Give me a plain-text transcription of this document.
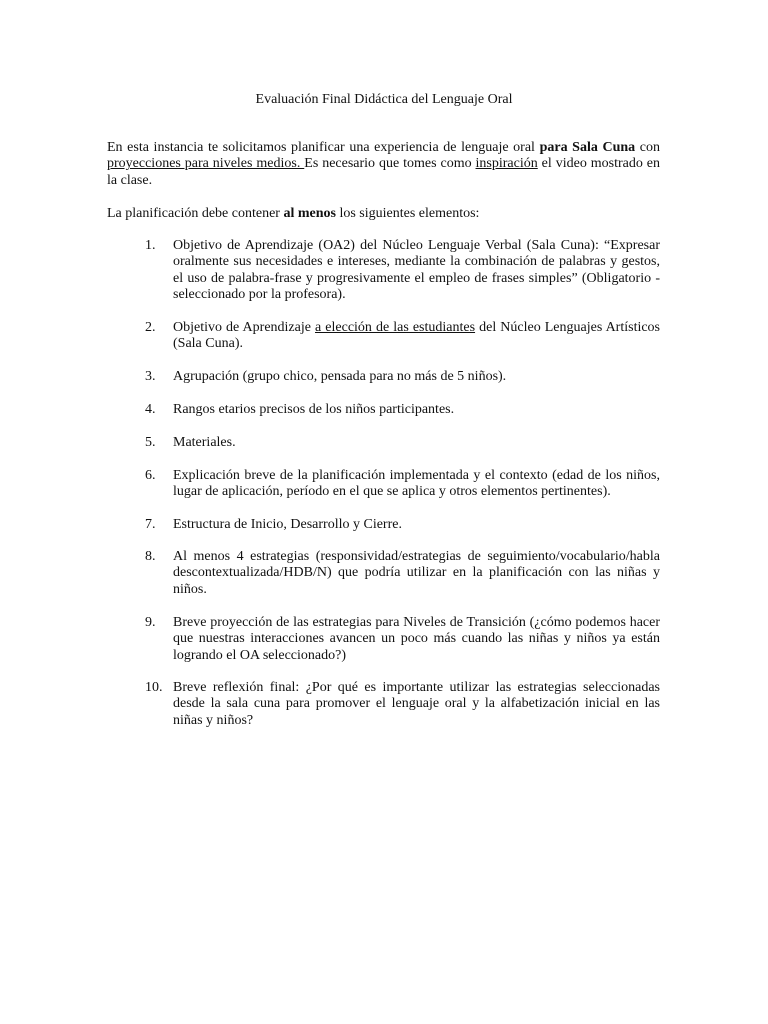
Evaluación Final Didáctica del Lenguaje Oral

En esta instancia te solicitamos planificar una experiencia de lenguaje oral para Sala Cuna con proyecciones para niveles medios. Es necesario que tomes como inspiración el video mostrado en la clase.

La planificación debe contener al menos los siguientes elementos:

1.	Objetivo de Aprendizaje (OA2) del Núcleo Lenguaje Verbal (Sala Cuna): “Expresar oralmente sus necesidades e intereses, mediante la combinación de palabras y gestos, el uso de palabra-frase y progresivamente el empleo de frases simples” (Obligatorio - seleccionado por la profesora).
2.	Objetivo de Aprendizaje a elección de las estudiantes del Núcleo Lenguajes Artísticos (Sala Cuna).
3.	Agrupación (grupo chico, pensada para no más de 5 niños).
4.	Rangos etarios precisos de los niños participantes.
5.	Materiales.
6.	Explicación breve de la planificación implementada y el contexto (edad de los niños, lugar de aplicación, período en el que se aplica y otros elementos pertinentes).
7.	Estructura de Inicio, Desarrollo y Cierre.
8.	Al menos 4 estrategias (responsividad/estrategias de seguimiento/vocabulario/habla descontextualizada/HDB/N) que podría utilizar en la planificación con las niñas y niños.
9.	Breve proyección de las estrategias para Niveles de Transición (¿cómo podemos hacer que nuestras interacciones avancen un poco más cuando las niñas y niños ya están logrando el OA seleccionado?)
10. Breve reflexión final: ¿Por qué es importante utilizar las estrategias seleccionadas desde la sala cuna para promover el lenguaje oral y la alfabetización inicial en las niñas y niños?
